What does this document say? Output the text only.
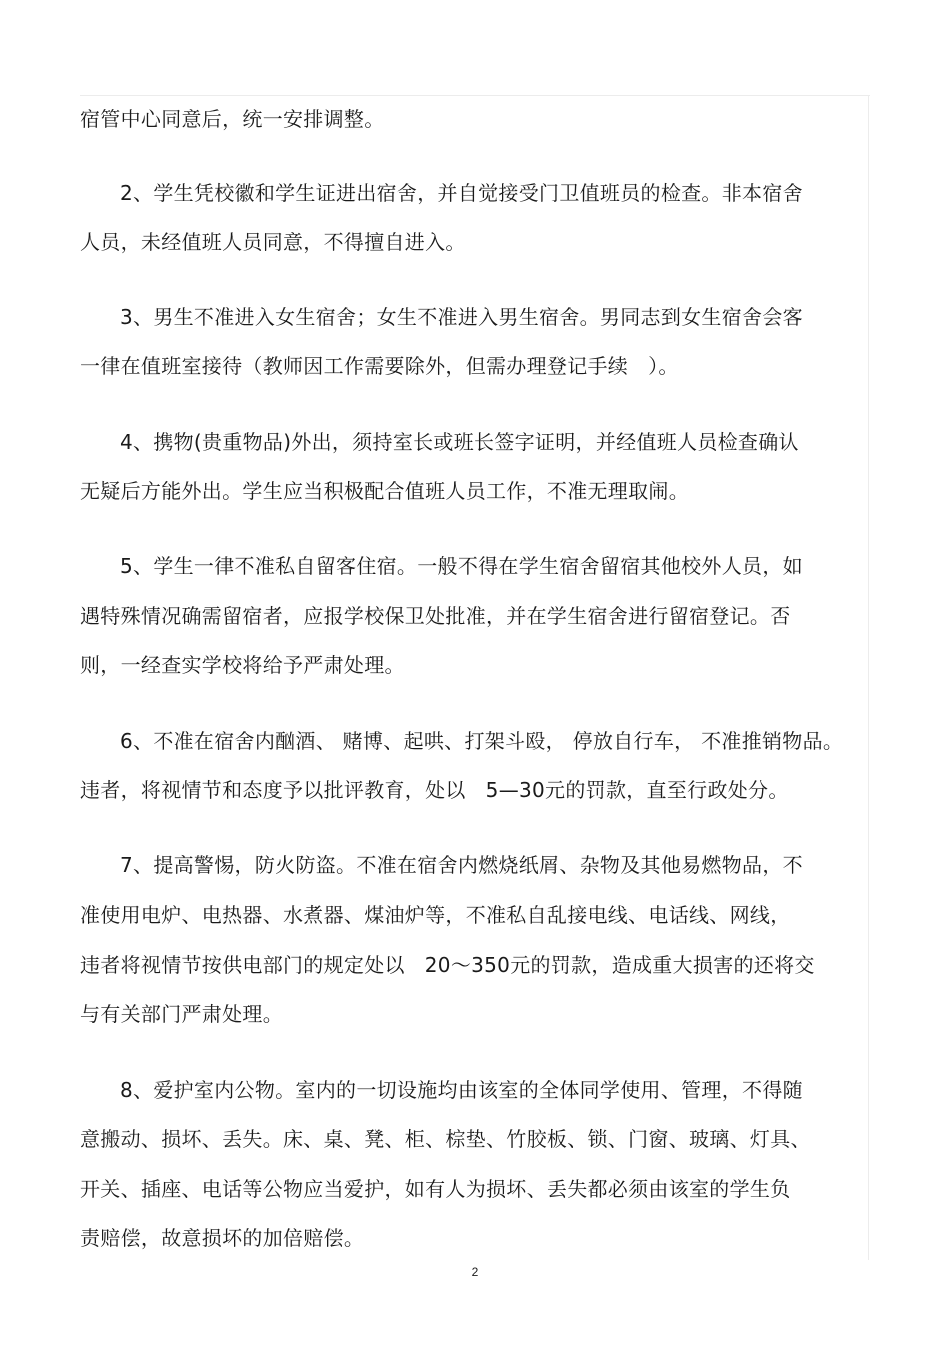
宿管中心同意后，统一安排调整。
2、学生凭校徽和学生证进出宿舍，并自觉接受门卫值班员的检查。非本宿舍
人员，未经值班人员同意，不得擅自进入。
3、男生不准进入女生宿舍；女生不准进入男生宿舍。男同志到女生宿舍会客
一律在值班室接待（教师因工作需要除外，但需办理登记手续   ）。
4、携物(贵重物品)外出，须持室长或班长签字证明，并经值班人员检查确认
无疑后方能外出。学生应当积极配合值班人员工作，不准无理取闹。
5、学生一律不准私自留客住宿。一般不得在学生宿舍留宿其他校外人员，如
遇特殊情况确需留宿者，应报学校保卫处批准，并在学生宿舍进行留宿登记。否
则，一经查实学校将给予严肃处理。
6、不准在宿舍内酗酒、 赌博、起哄、打架斗殴， 停放自行车， 不准推销物品。
违者，将视情节和态度予以批评教育，处以   5—30元的罚款，直至行政处分。
7、提高警惕，防火防盗。不准在宿舍内燃烧纸屑、杂物及其他易燃物品，不
准使用电炉、电热器、水煮器、煤油炉等，不准私自乱接电线、电话线、网线，
违者将视情节按供电部门的规定处以   20～350元的罚款，造成重大损害的还将交
与有关部门严肃处理。
8、爱护室内公物。室内的一切设施均由该室的全体同学使用、管理，不得随
意搬动、损坏、丢失。床、桌、凳、柜、棕垫、竹胶板、锁、门窗、玻璃、灯具、
开关、插座、电话等公物应当爱护，如有人为损坏、丢失都必须由该室的学生负
责赔偿，故意损坏的加倍赔偿。
2
